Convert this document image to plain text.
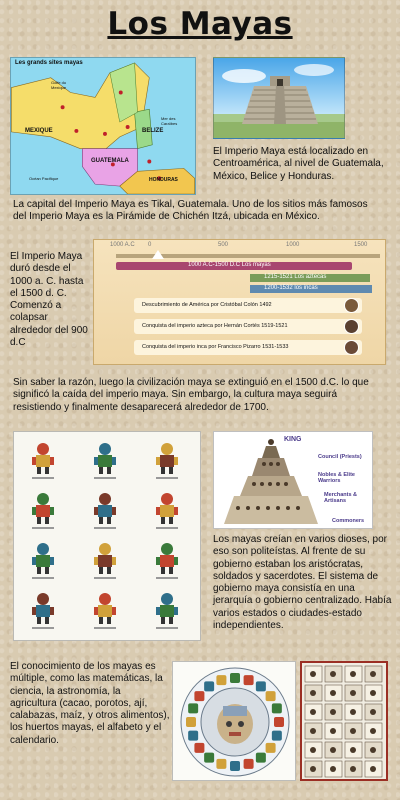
Los Mayas
Les grands sites mayas
Golfe du Mexique
MEXIQUE	BELIZE
GUATEMALA
HONDURAS
Mer des Caraïbes
Océan Pacifique

El Imperio Maya está localizado en Centroamérica, al nivel de Guatemala, México, Belice y Honduras.

La capital del Imperio Maya es Tikal, Guatemala. Uno de los sitios más famosos del Imperio Maya es la Pirámide de Chichén Itzá, ubicada en México.

El Imperio Maya duró desde el 1000 a. C. hasta el 1500 d. C. Comenzó a colapsar alrededor del 900 d.C

1000 A.C 0	500	1000	1500
1000 A.C-1500 D.C Los mayas
1215-1521 Los aztecas
1200-1532 los incas
Descubrimiento de América por Cristóbal Colón 1492
Conquista del imperio azteca por Hernán Cortés 1519-1521
Conquista del imperio inca por Francisco Pizarro 1531-1533

Sin saber la razón, luego la civilización maya se extinguió en el 1500 d.C. lo que significó la caída del imperio maya. Sin embargo, la cultura maya seguirá resistiendo y finalmente desaparecerá alrededor de 1700.

KING
Council (Priests)
Nobles & Elite Warriors
Merchants & Artisans
Commoners

Los mayas creían en varios dioses, por eso son politeístas. Al frente de su gobierno estaban los aristócratas, soldados y sacerdotes. El sistema de gobierno maya consistía en una jerarquía o gobierno centralizado. Había varios estados o ciudades-estado independientes.

El conocimiento de los mayas es múltiple, como las matemáticas, la ciencia, la astronomía, la agricultura (cacao, porotos, ají, calabazas, maíz, y otros alimentos), los huertos mayas, el alfabeto y el calendario.
